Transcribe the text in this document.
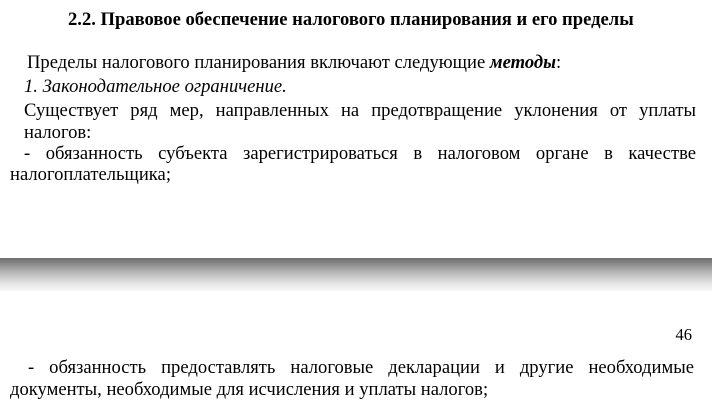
2.2. Правовое обеспечение налогового планирования и его пределы
Пределы налогового планирования включают следующие методы:
1. Законодательное ограничение.
Существует ряд мер, направленных на предотвращение уклонения от уплаты
налогов:
- обязанность субъекта зарегистрироваться в налоговом органе в качестве
налогоплательщика;
46
- обязанность предоставлять налоговые декларации и другие необходимые
документы, необходимые для исчисления и уплаты налогов;
